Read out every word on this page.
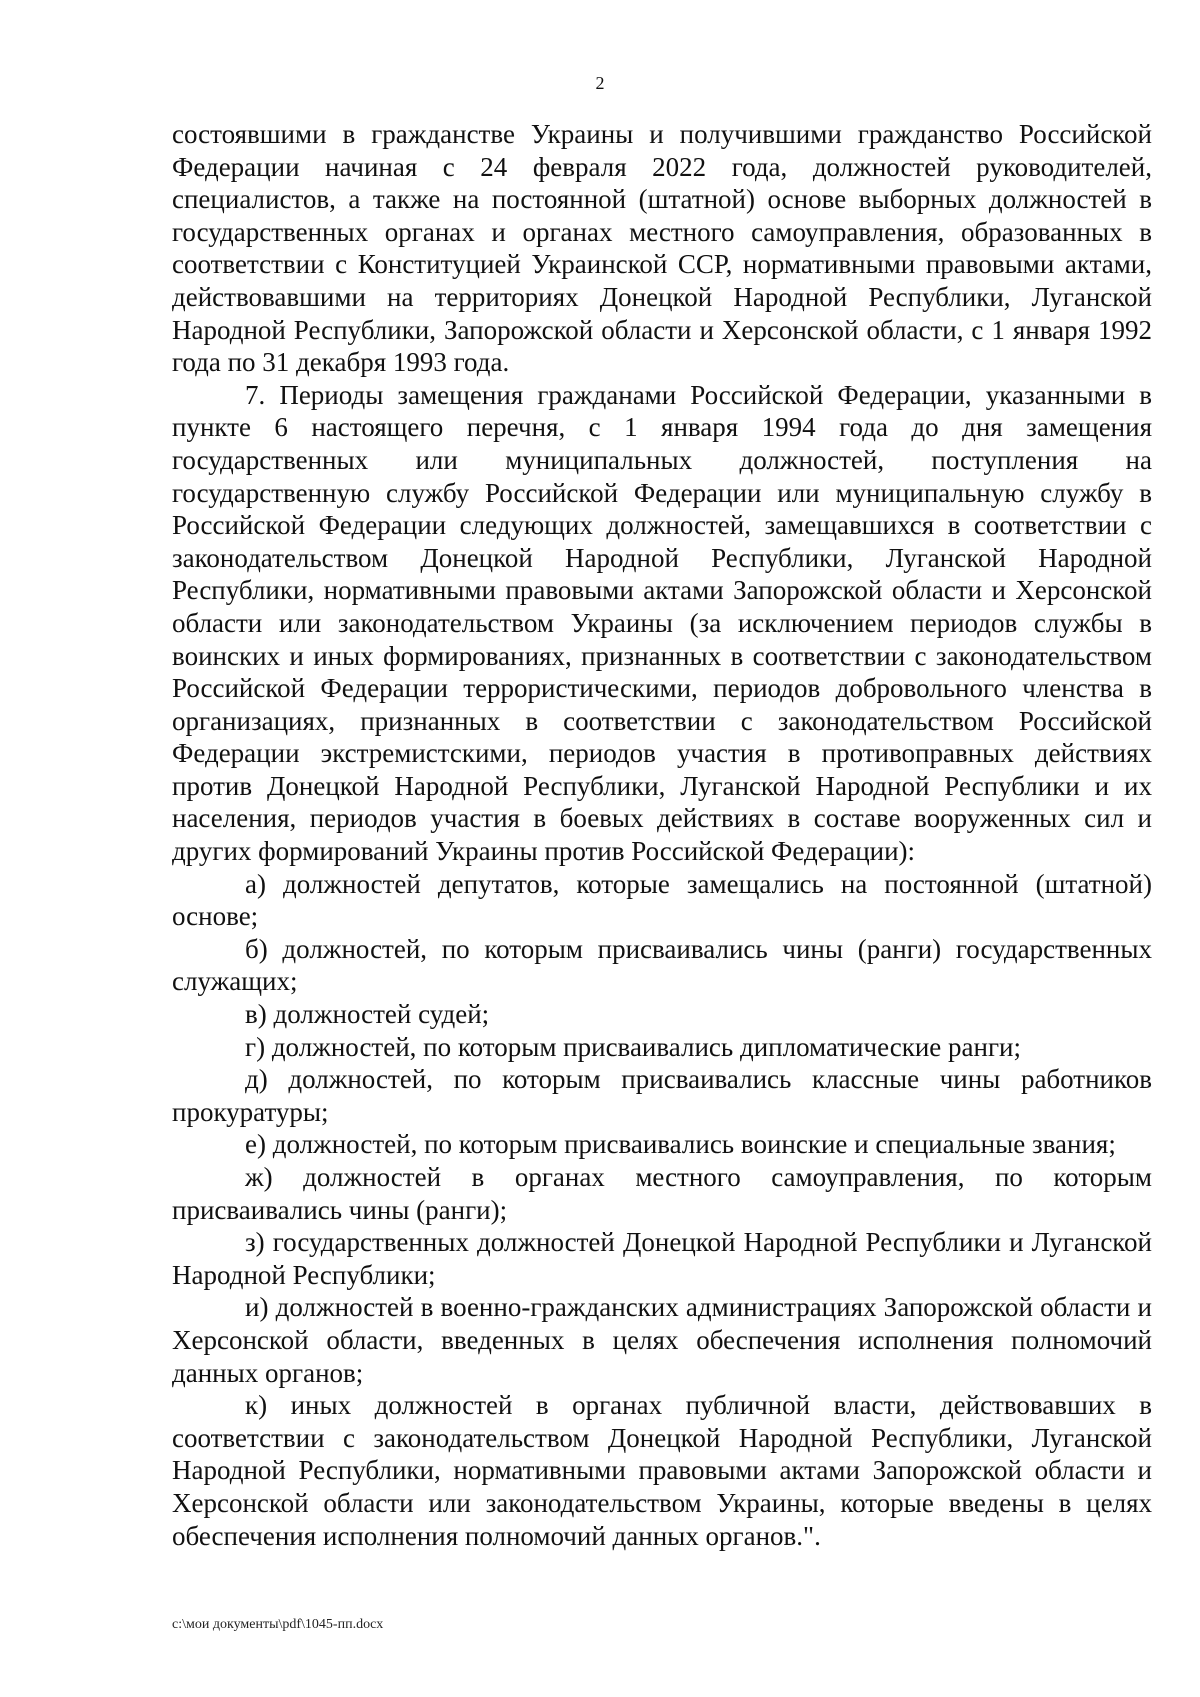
2

состоявшими в гражданстве Украины и получившими гражданство Российской Федерации начиная с 24 февраля 2022 года, должностей руководителей, специалистов, а также на постоянной (штатной) основе выборных должностей в государственных органах и органах местного самоуправления, образованных в соответствии с Конституцией Украинской ССР, нормативными правовыми актами, действовавшими на территориях Донецкой Народной Республики, Луганской Народной Республики, Запорожской области и Херсонской области, с 1 января 1992 года по 31 декабря 1993 года.

7. Периоды замещения гражданами Российской Федерации, указанными в пункте 6 настоящего перечня, с 1 января 1994 года до дня замещения государственных или муниципальных должностей, поступления на государственную службу Российской Федерации или муниципальную службу в Российской Федерации следующих должностей, замещавшихся в соответствии с законодательством Донецкой Народной Республики, Луганской Народной Республики, нормативными правовыми актами Запорожской области и Херсонской области или законодательством Украины (за исключением периодов службы в воинских и иных формированиях, признанных в соответствии с законодательством Российской Федерации террористическими, периодов добровольного членства в организациях, признанных в соответствии с законодательством Российской Федерации экстремистскими, периодов участия в противоправных действиях против Донецкой Народной Республики, Луганской Народной Республики и их населения, периодов участия в боевых действиях в составе вооруженных сил и других формирований Украины против Российской Федерации):

а) должностей депутатов, которые замещались на постоянной (штатной) основе;

б) должностей, по которым присваивались чины (ранги) государственных служащих;

в) должностей судей;

г) должностей, по которым присваивались дипломатические ранги;

д) должностей, по которым присваивались классные чины работников прокуратуры;

е) должностей, по которым присваивались воинские и специальные звания;

ж) должностей в органах местного самоуправления, по которым присваивались чины (ранги);

з) государственных должностей Донецкой Народной Республики и Луганской Народной Республики;

и) должностей в военно-гражданских администрациях Запорожской области и Херсонской области, введенных в целях обеспечения исполнения полномочий данных органов;

к) иных должностей в органах публичной власти, действовавших в соответствии с законодательством Донецкой Народной Республики, Луганской Народной Республики, нормативными правовыми актами Запорожской области и Херсонской области или законодательством Украины, которые введены в целях обеспечения исполнения полномочий данных органов.".

c:\мои документы\pdf\1045-пп.docx
